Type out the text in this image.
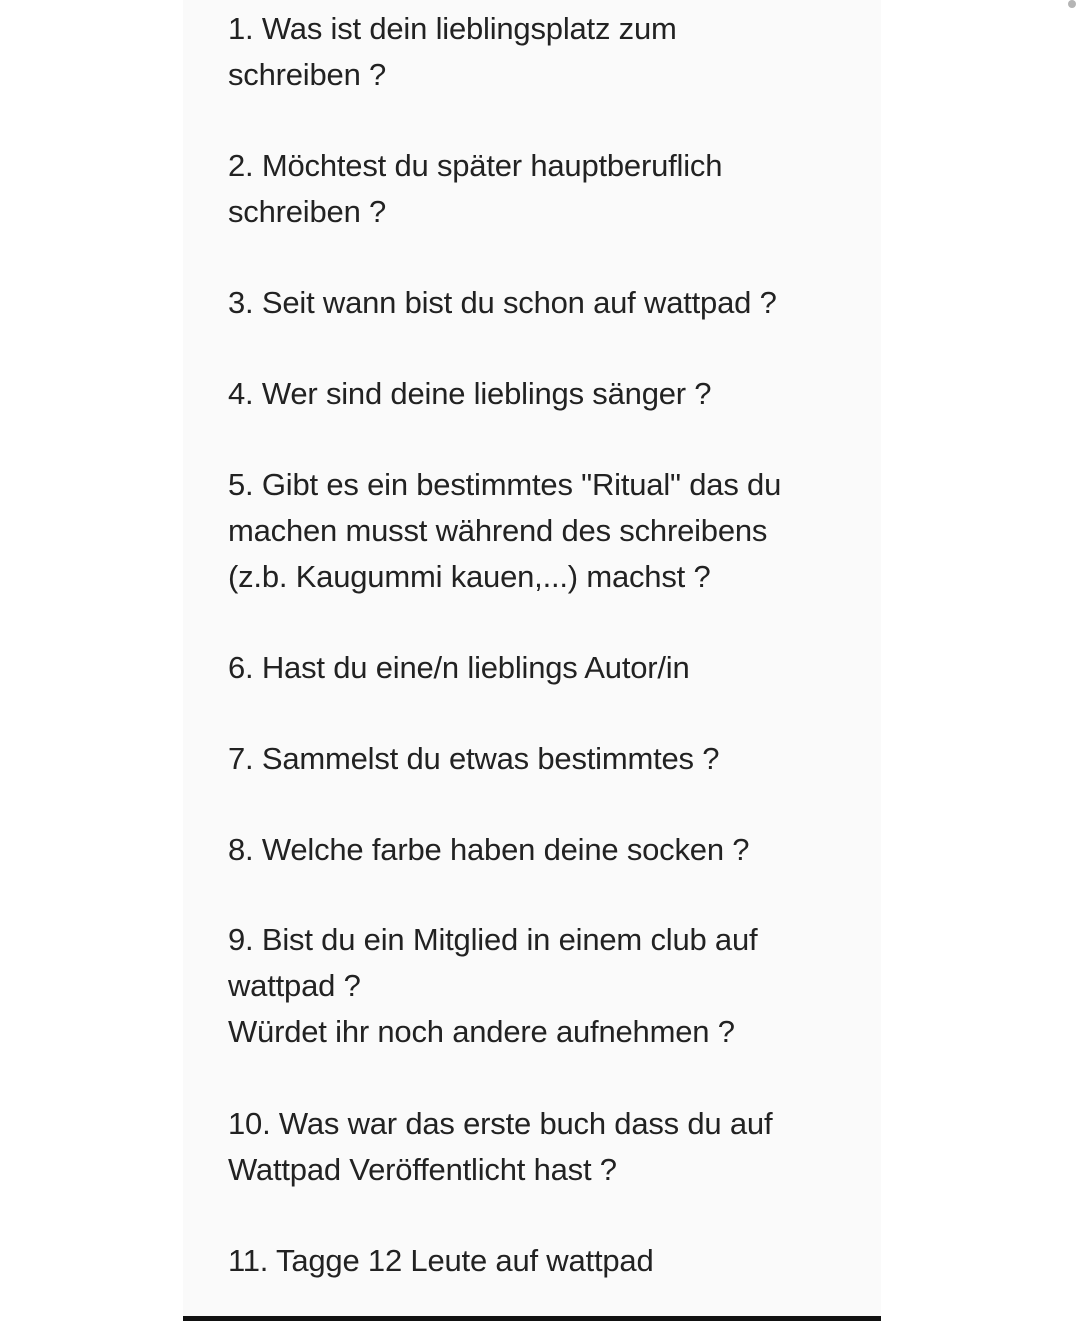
1. Was ist dein lieblingsplatz zum
schreiben ?
2. Möchtest du später hauptberuflich
schreiben ?
3. Seit wann bist du schon auf wattpad ?
4. Wer sind deine lieblings sänger ?
5. Gibt es ein bestimmtes "Ritual" das du
machen musst während des schreibens
(z.b. Kaugummi kauen,...) machst ?
6. Hast du eine/n lieblings Autor/in
7. Sammelst du etwas bestimmtes ?
8. Welche farbe haben deine socken ?
9. Bist du ein Mitglied in einem club auf
wattpad ?
Würdet ihr noch andere aufnehmen ?
10. Was war das erste buch dass du auf
Wattpad Veröffentlicht hast ?
11. Tagge 12 Leute auf wattpad
